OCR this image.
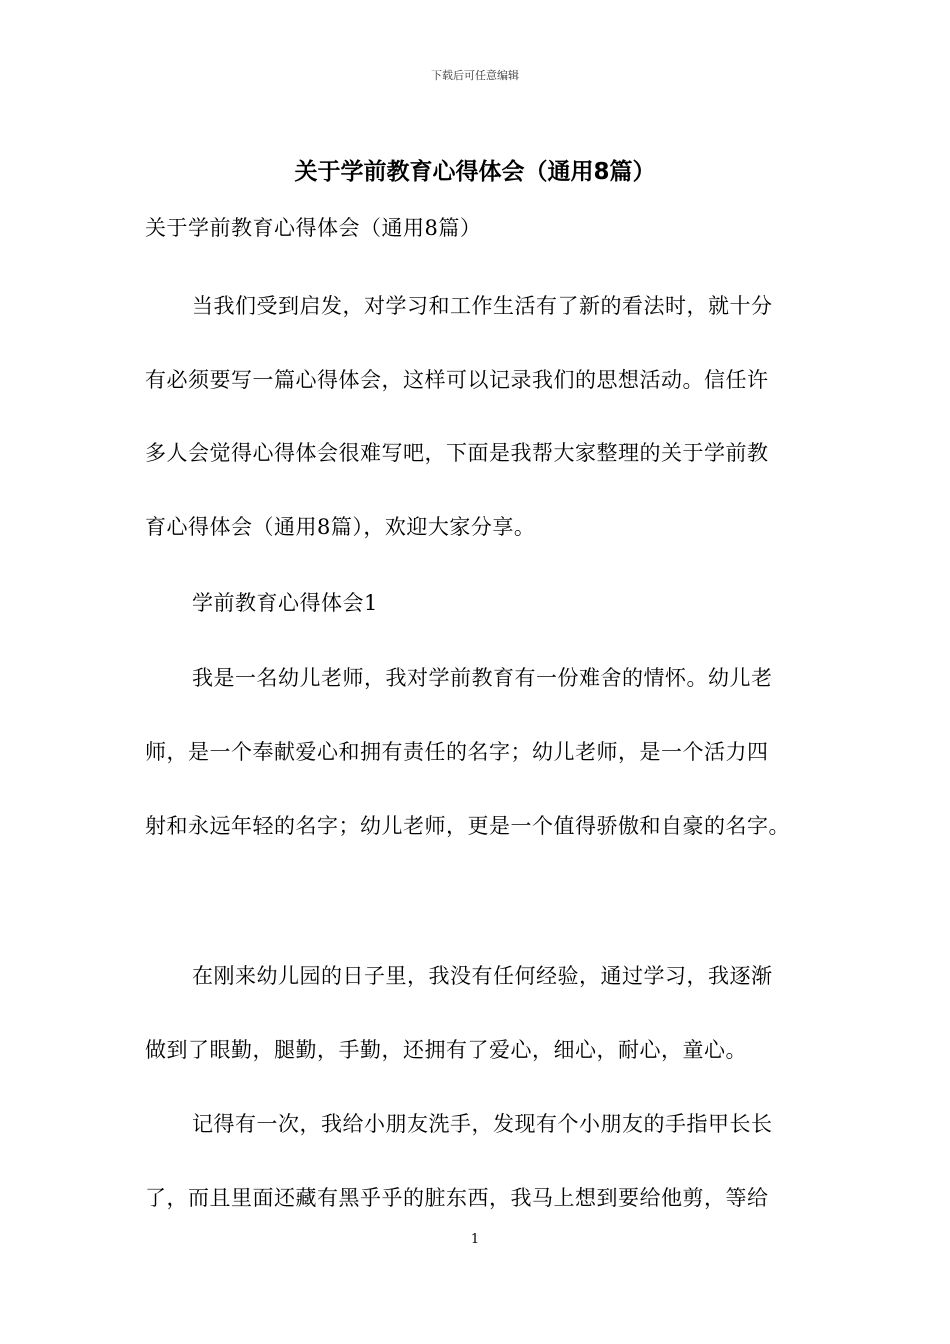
下载后可任意编辑
关于学前教育心得体会（通用8篇）
关于学前教育心得体会（通用8篇）
当我们受到启发，对学习和工作生活有了新的看法时，就十分
有必须要写一篇心得体会，这样可以记录我们的思想活动。信任许
多人会觉得心得体会很难写吧，下面是我帮大家整理的关于学前教
育心得体会（通用8篇），欢迎大家分享。
学前教育心得体会1
我是一名幼儿老师，我对学前教育有一份难舍的情怀。幼儿老
师，是一个奉献爱心和拥有责任的名字；幼儿老师，是一个活力四
射和永远年轻的名字；幼儿老师，更是一个值得骄傲和自豪的名字。
在刚来幼儿园的日子里，我没有任何经验，通过学习，我逐渐
做到了眼勤，腿勤，手勤，还拥有了爱心，细心，耐心，童心。
记得有一次，我给小朋友洗手，发现有个小朋友的手指甲长长
了，而且里面还藏有黑乎乎的脏东西，我马上想到要给他剪，等给
1
